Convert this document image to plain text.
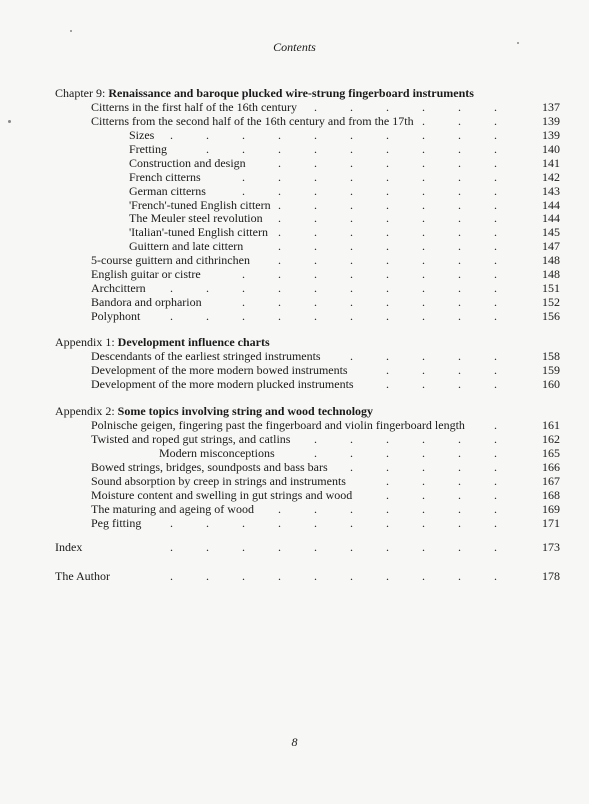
Contents
Chapter 9: Renaissance and baroque plucked wire-strung fingerboard instruments
Citterns in the first half of the 16th century	137
.	.	.	.	.	.
Citterns from the second half of the 16th century and from the 17th	139
.	.	.
Sizes	139
.	.	.	.	.	.	.	.	.	.
Fretting	140
.	.	.	.	.	.	.	.	.
Construction and design	141
.	.	.	.	.	.	.
French citterns	142
.	.	.	.	.	.	.	.
German citterns	143
.	.	.	.	.	.	.	.
'French'-tuned English cittern	144
.	.	.	.	.	.	.
The Meuler steel revolution	144
.	.	.	.	.	.	.
'Italian'-tuned English cittern	145
.	.	.	.	.	.	.
Guittern and late cittern	147
.	.	.	.	.	.	.
5-course guittern and cithrinchen	148
.	.	.	.	.	.	.
English guitar or cistre	148
.	.	.	.	.	.	.	.
Archcittern	151
.	.	.	.	.	.	.	.	.	.
Bandora and orpharion	152
.	.	.	.	.	.	.	.
Polyphont	156
.	.	.	.	.	.	.	.	.	.
Appendix 1: Development influence charts
Descendants of the earliest stringed instruments	158
.	.	.	.	.
Development of the more modern bowed instruments	159
.	.	.	.
Development of the more modern plucked instruments	160
.	.	.	.
Appendix 2: Some topics involving string and wood technology
Polnische geigen, fingering past the fingerboard and violin fingerboard length	161
.
Twisted and roped gut strings, and catlins	162
.	.	.	.	.	.
Modern misconceptions	165
.	.	.	.	.	.
Bowed strings, bridges, soundposts and bass bars	166
.	.	.	.	.
Sound absorption by creep in strings and instruments	167
.	.	.	.
Moisture content and swelling in gut strings and wood	168
.	.	.	.
The maturing and ageing of wood	169
.	.	.	.	.	.	.
Peg fitting	171
.	.	.	.	.	.	.	.	.	.
Index	173
.	.	.	.	.	.	.	.	.	.
The Author	178
.	.	.	.	.	.	.	.	.	.
8
